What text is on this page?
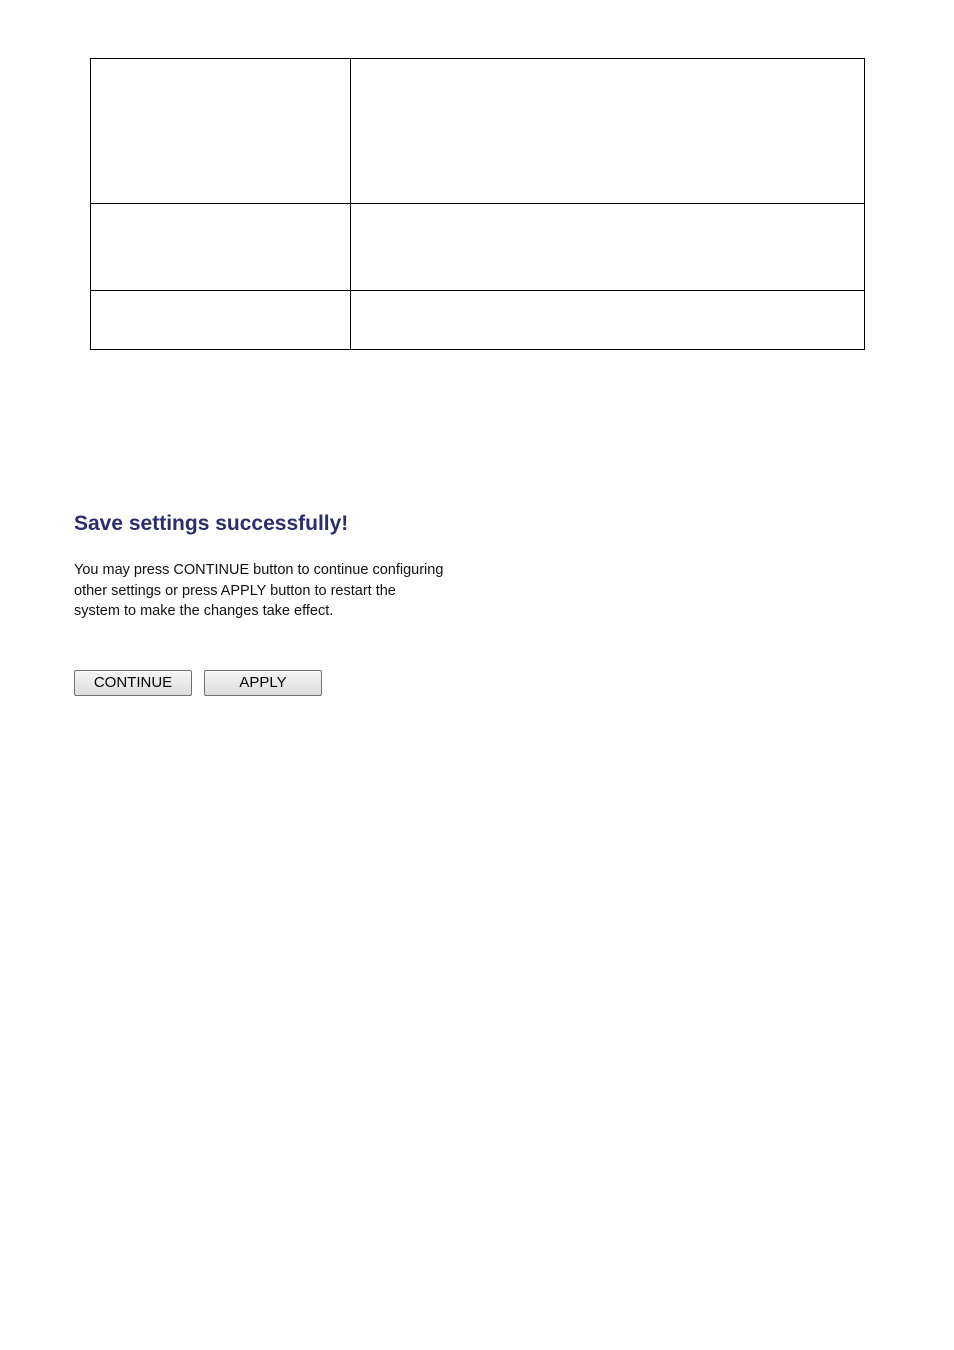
Save settings successfully!

You may press CONTINUE button to continue configuring other settings or press APPLY button to restart the system to make the changes take effect.

CONTINUE	APPLY
